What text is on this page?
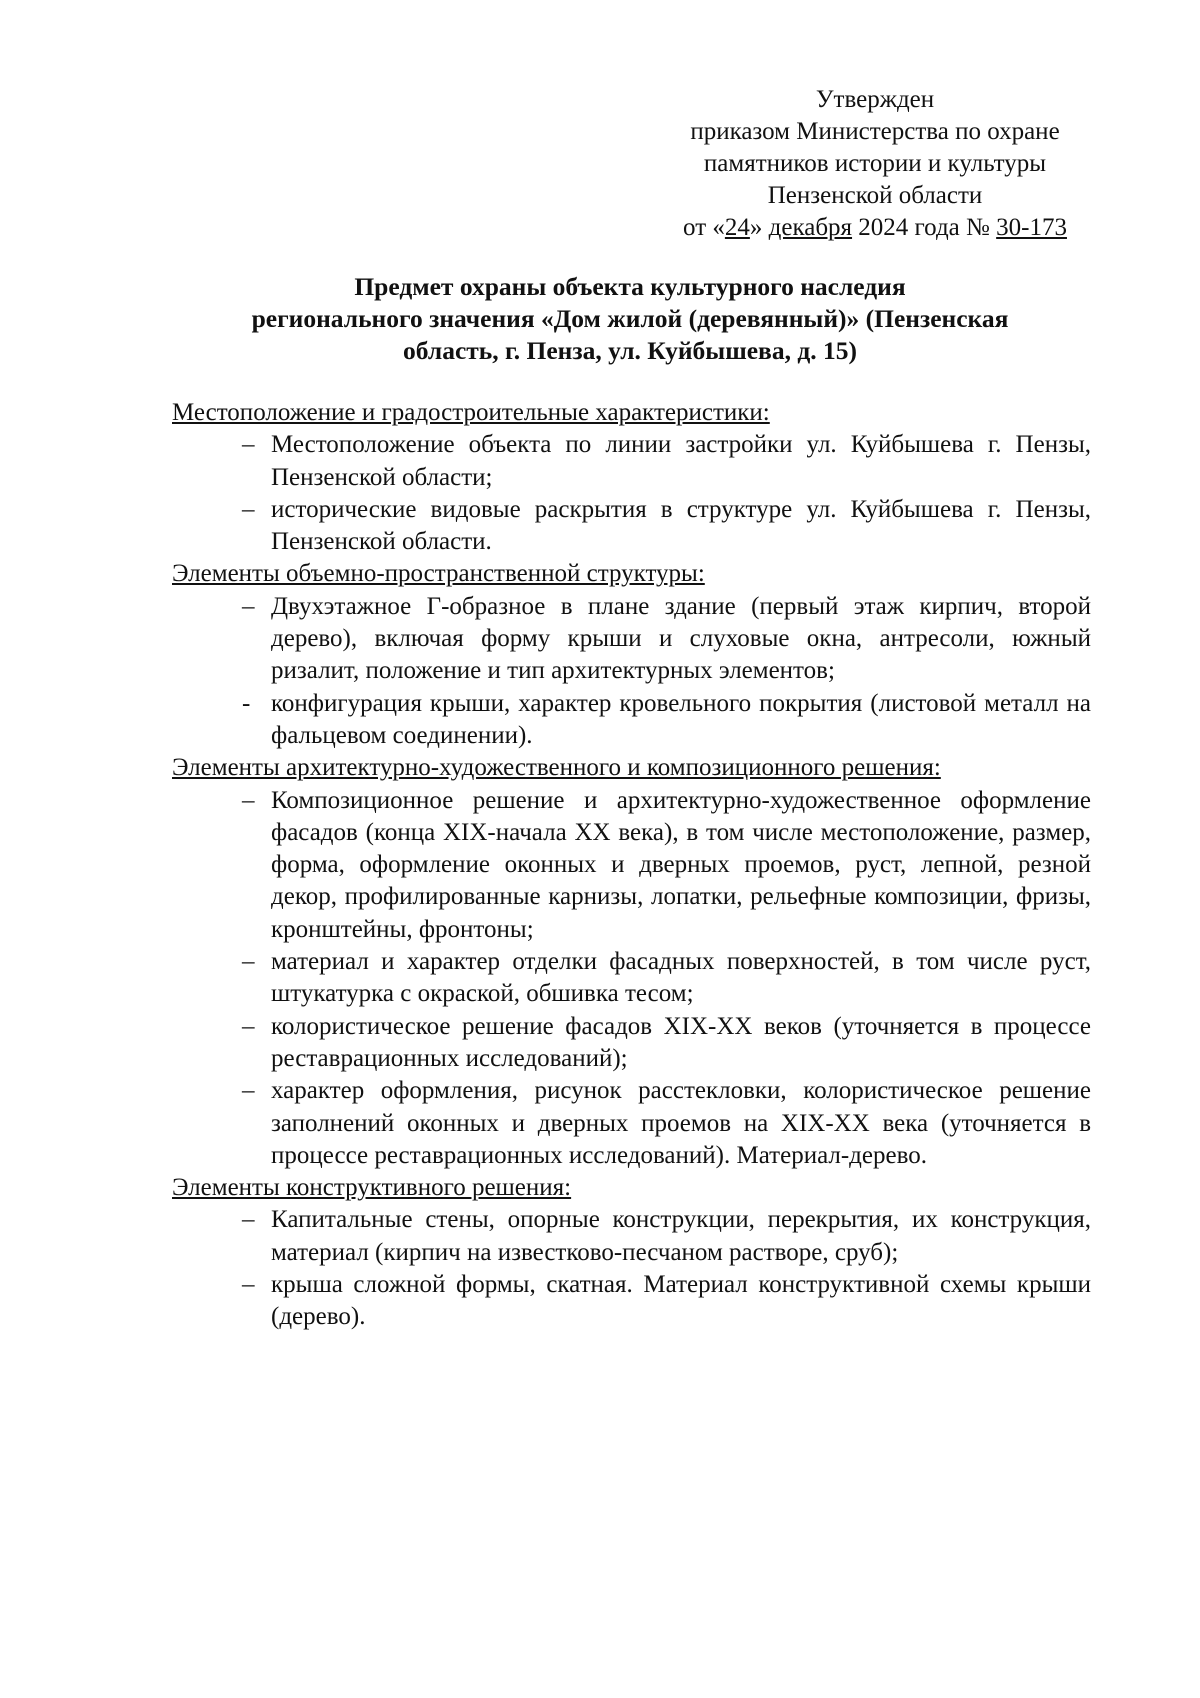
Утвержден
приказом Министерства по охране
памятников истории и культуры
Пензенской области
от «24» декабря 2024 года № 30-173
Предмет охраны объекта культурного наследия
регионального значения «Дом жилой (деревянный)» (Пензенская
область, г. Пенза, ул. Куйбышева, д. 15)
Местоположение и градостроительные характеристики:
– Местоположение объекта по линии застройки ул. Куйбышева г. Пензы, Пензенской области;
– исторические видовые раскрытия в структуре ул. Куйбышева г. Пензы, Пензенской области.
Элементы объемно-пространственной структуры:
– Двухэтажное Г-образное в плане здание (первый этаж кирпич, второй дерево), включая форму крыши и слуховые окна, антресоли, южный ризалит, положение и тип архитектурных элементов;
- конфигурация крыши, характер кровельного покрытия (листовой металл на фальцевом соединении).
Элементы архитектурно-художественного и композиционного решения:
– Композиционное решение и архитектурно-художественное оформление фасадов (конца XIX-начала XX века), в том числе местоположение, размер, форма, оформление оконных и дверных проемов, руст, лепной, резной декор, профилированные карнизы, лопатки, рельефные композиции, фризы, кронштейны, фронтоны;
– материал и характер отделки фасадных поверхностей, в том числе руст, штукатурка с окраской, обшивка тесом;
– колористическое решение фасадов XIX-XX веков (уточняется в процессе реставрационных исследований);
– характер оформления, рисунок расстекловки, колористическое решение заполнений оконных и дверных проемов на XIX-XX века (уточняется в процессе реставрационных исследований). Материал-дерево.
Элементы конструктивного решения:
– Капитальные стены, опорные конструкции, перекрытия, их конструкция, материал (кирпич на известково-песчаном растворе, сруб);
– крыша сложной формы, скатная. Материал конструктивной схемы крыши (дерево).
